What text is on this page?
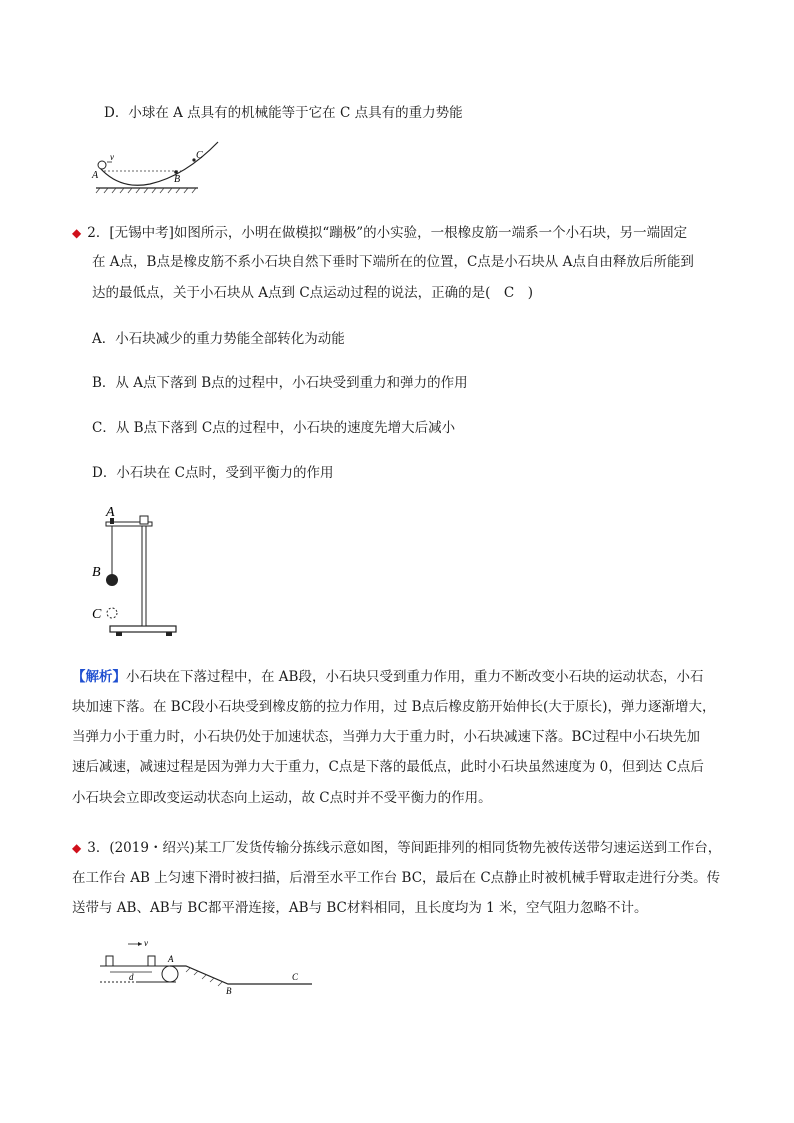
D．小球在 A 点具有的机械能等于它在 C 点具有的重力势能
A
v
B
C
◆ 2．[无锡中考]如图所示，小明在做模拟“蹦极”的小实验，一根橡皮筋一端系一个小石块，另一端固定
在 A点，B点是橡皮筋不系小石块自然下垂时下端所在的位置，C点是小石块从 A点自由释放后所能到
达的最低点，关于小石块从 A点到 C点运动过程的说法，正确的是(　C　)
A．小石块减少的重力势能全部转化为动能
B．从 A点下落到 B点的过程中，小石块受到重力和弹力的作用
C．从 B点下落到 C点的过程中，小石块的速度先增大后减小
D．小石块在 C点时，受到平衡力的作用
A
B
C
【解析】小石块在下落过程中，在 AB段，小石块只受到重力作用，重力不断改变小石块的运动状态，小石
块加速下落。在 BC段小石块受到橡皮筋的拉力作用，过 B点后橡皮筋开始伸长(大于原长)，弹力逐渐增大，
当弹力小于重力时，小石块仍处于加速状态，当弹力大于重力时，小石块减速下落。BC过程中小石块先加
速后减速，减速过程是因为弹力大于重力，C点是下落的最低点，此时小石块虽然速度为 0，但到达 C点后
小石块会立即改变运动状态向上运动，故 C点时并不受平衡力的作用。
◆ 3．(2019・绍兴)某工厂发货传输分拣线示意如图，等间距排列的相同货物先被传送带匀速运送到工作台，
在工作台 AB 上匀速下滑时被扫描，后滑至水平工作台 BC，最后在 C点静止时被机械手臂取走进行分类。传
送带与 AB、AB与 BC都平滑连接，AB与 BC材料相同，且长度均为 1 米，空气阻力忽略不计。
v
d
A
B
C
